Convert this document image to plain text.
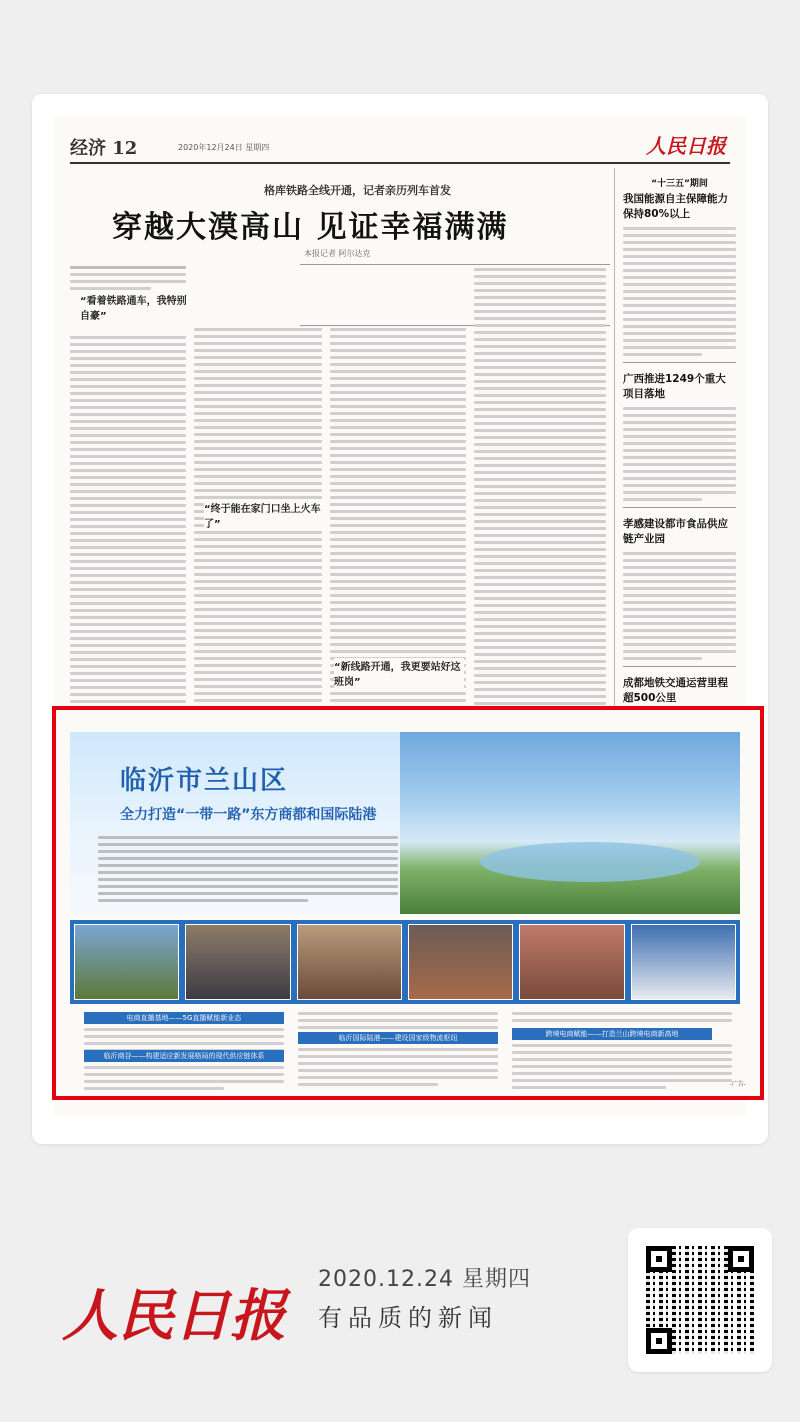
经济 12	2020年12月24日 星期四	人民日报
格库铁路全线开通，记者亲历列车首发
穿越大漠高山 见证幸福满满
本报记者 阿尔达克
“看着铁路通车，我特别自豪”
“终于能在家门口坐上火车了”
“新线路开通，我更要站好这班岗”
“十三五”期间
我国能源自主保障能力保持80%以上
广西推进1249个重大项目落地
孝感建设都市食品供应链产业园
成都地铁交通运营里程超500公里
临沂市兰山区
全力打造“一带一路”东方商都和国际陆港
电商直播基地——5G直播赋能新业态
临沂商谷——构建适应新发展格局的现代供应链体系
临沂国际陆港——建设国家级物流枢纽	跨境电商赋能——打造兰山跨境电商新高地
-广告-
人民日报
2020.12.24 星期四
有品质的新闻
